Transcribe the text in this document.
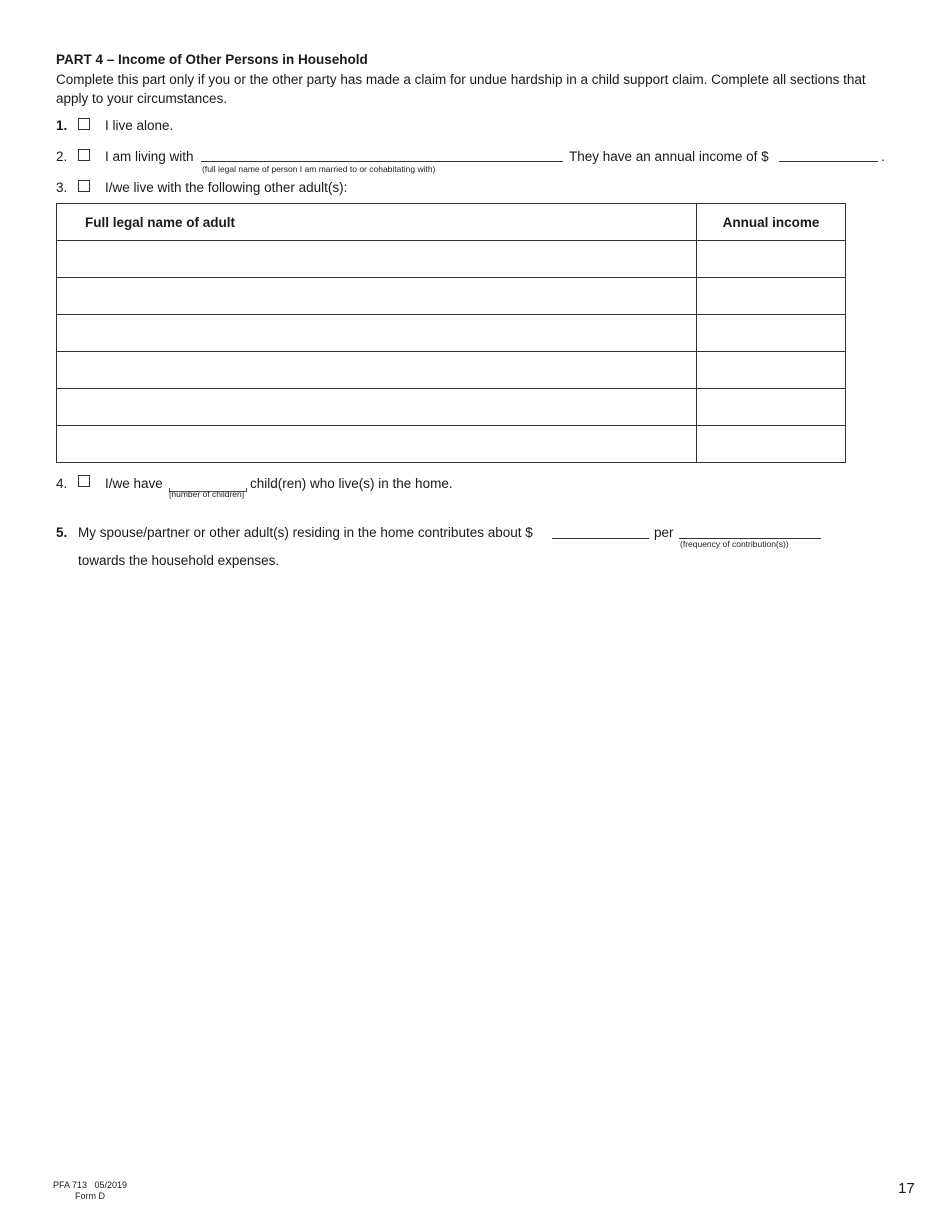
PART 4 – Income of Other Persons in Household
Complete this part only if you or the other party has made a claim for undue hardship in a child support claim. Complete all sections that apply to your circumstances.
1.	I live alone.
2.	I am living with
(full legal name of person I am married to or cohabitating with)
They have an annual income of $	.
3.	I/we live with the following other adult(s):
Full legal name of adult	Annual income

4.	I/we have
[number of children]
child(ren) who live(s) in the home.
5. My spouse/partner or other adult(s) residing in the home contributes about $	per
(frequency of contribution(s))
towards the household expenses.
PFA 713   05/2019
Form D	17
